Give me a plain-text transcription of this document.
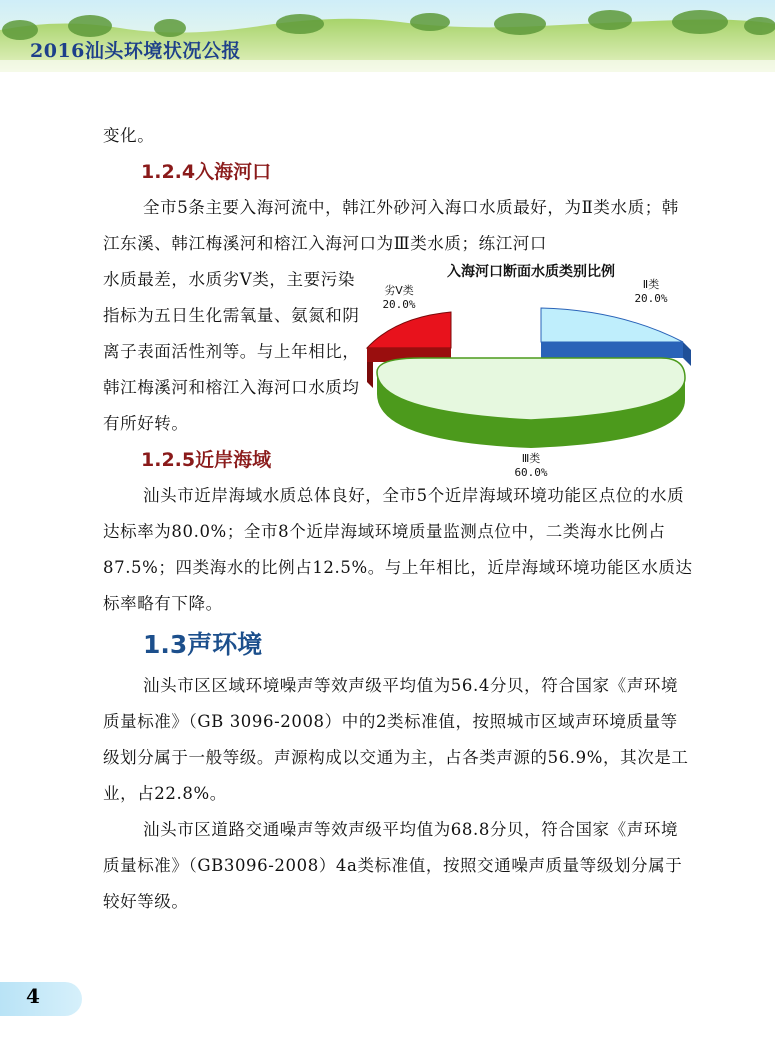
2016汕头环境状况公报

变化。

1.2.4入海河口

全市5条主要入海河流中，韩江外砂河入海口水质最好，为Ⅱ类水质；韩江东溪、韩江梅溪河和榕江入海河口为Ⅲ类水质；练江河口

水质最差，水质劣Ⅴ类，主要污染指标为五日生化需氧量、氨氮和阴离子表面活性剂等。与上年相比，韩江梅溪河和榕江入海河口水质均有所好转。

入海河口断面水质类别比例
劣Ⅴ类
20.0%
Ⅱ类
20.0%
Ⅲ类
60.0%
1.2.5近岸海域

汕头市近岸海域水质总体良好，全市5个近岸海域环境功能区点位的水质达标率为80.0%；全市8个近岸海域环境质量监测点位中，二类海水比例占87.5%；四类海水的比例占12.5%。与上年相比，近岸海域环境功能区水质达标率略有下降。

1.3声环境

汕头市区区域环境噪声等效声级平均值为56.4分贝，符合国家《声环境质量标准》（GB 3096-2008）中的2类标准值，按照城市区域声环境质量等级划分属于一般等级。声源构成以交通为主，占各类声源的56.9%，其次是工业，占22.8%。

汕头市区道路交通噪声等效声级平均值为68.8分贝，符合国家《声环境质量标准》（GB3096-2008）4a类标准值，按照交通噪声质量等级划分属于较好等级。

4
